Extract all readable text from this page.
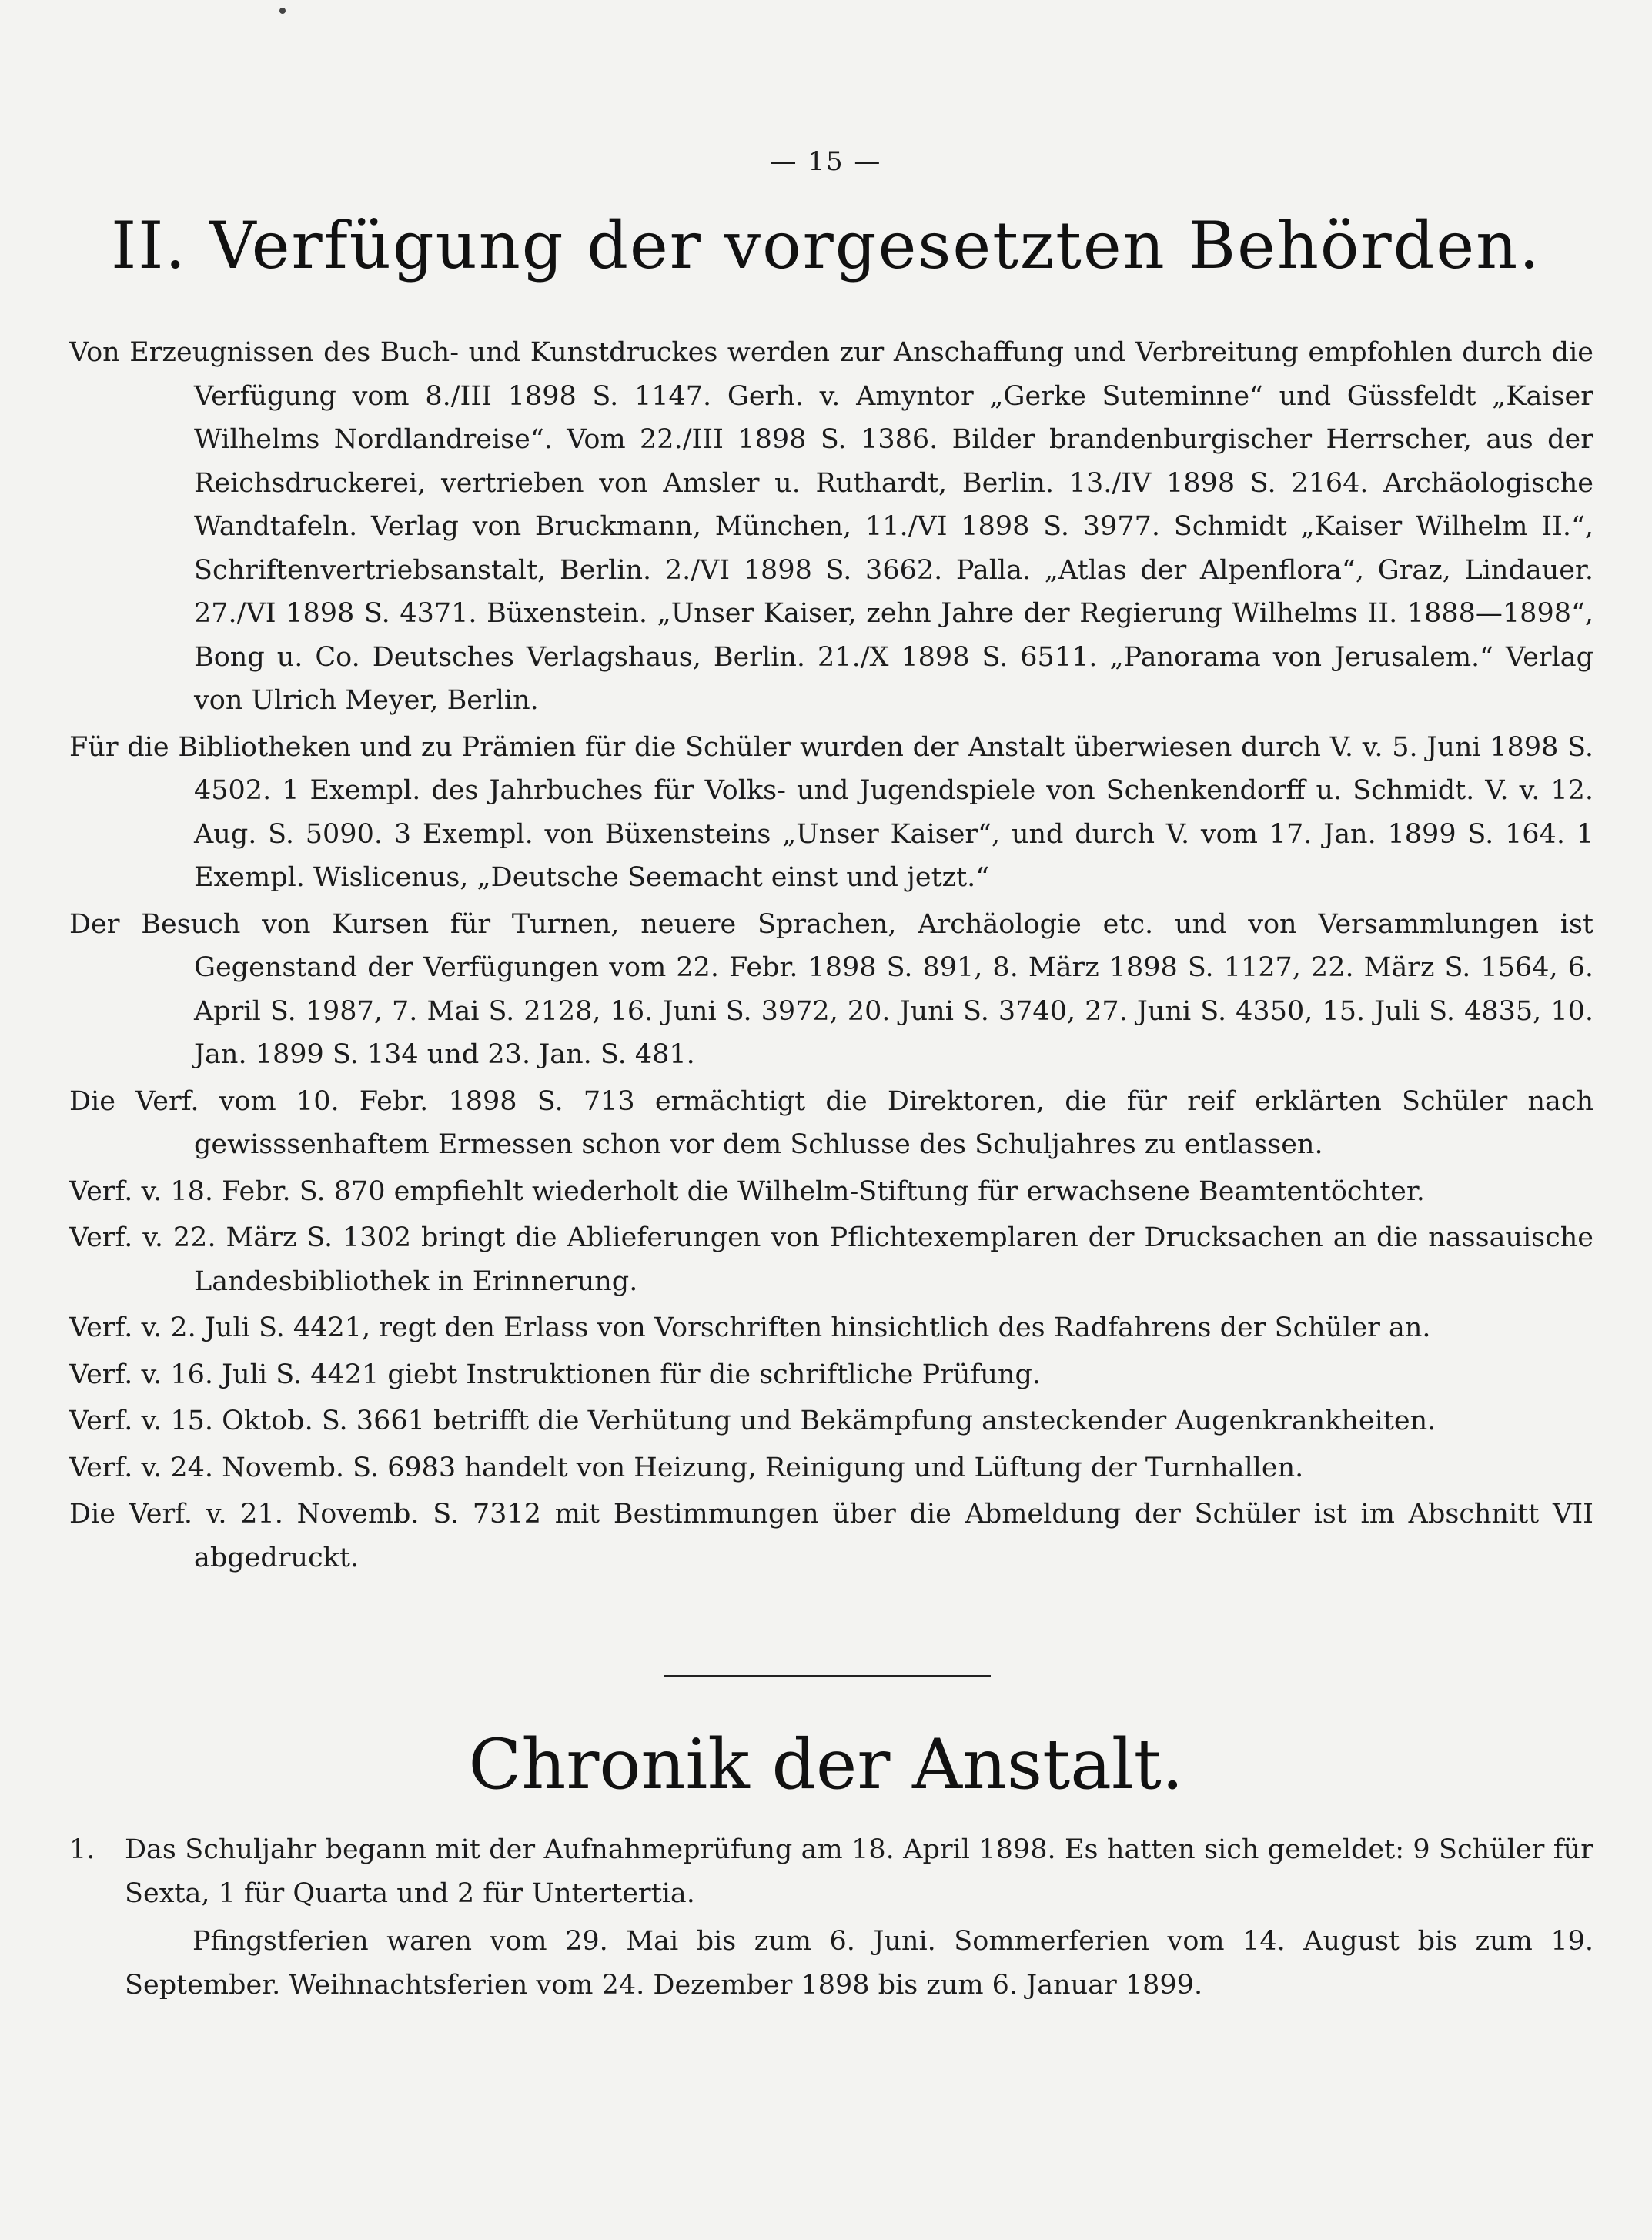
— 15 —
II. Verfügung der vorgesetzten Behörden.

Von Erzeugnissen des Buch- und Kunstdruckes werden zur Anschaffung und Verbreitung empfohlen durch die Verfügung vom 8./III 1898 S. 1147. Gerh. v. Amyntor „Gerke Suteminne“ und Güssfeldt „Kaiser Wilhelms Nordlandreise“. Vom 22./III 1898 S. 1386. Bilder brandenburgischer Herrscher, aus der Reichsdruckerei, vertrieben von Amsler u. Ruthardt, Berlin. 13./IV 1898 S. 2164. Archäologische Wandtafeln. Verlag von Bruckmann, München, 11./VI 1898 S. 3977. Schmidt „Kaiser Wilhelm II.“, Schriftenvertriebsanstalt, Berlin. 2./VI 1898 S. 3662. Palla. „Atlas der Alpenflora“, Graz, Lindauer. 27./VI 1898 S. 4371. Büxenstein. „Unser Kaiser, zehn Jahre der Regierung Wilhelms II. 1888—1898“, Bong u. Co. Deutsches Verlagshaus, Berlin. 21./X 1898 S. 6511. „Panorama von Jerusalem.“ Verlag von Ulrich Meyer, Berlin.

Für die Bibliotheken und zu Prämien für die Schüler wurden der Anstalt überwiesen durch V. v. 5. Juni 1898 S. 4502. 1 Exempl. des Jahrbuches für Volks- und Jugendspiele von Schenkendorff u. Schmidt. V. v. 12. Aug. S. 5090. 3 Exempl. von Büxensteins „Unser Kaiser“, und durch V. vom 17. Jan. 1899 S. 164. 1 Exempl. Wislicenus, „Deutsche Seemacht einst und jetzt.“

Der Besuch von Kursen für Turnen, neuere Sprachen, Archäologie etc. und von Versammlungen ist Gegenstand der Verfügungen vom 22. Febr. 1898 S. 891, 8. März 1898 S. 1127, 22. März S. 1564, 6. April S. 1987, 7. Mai S. 2128, 16. Juni S. 3972, 20. Juni S. 3740, 27. Juni S. 4350, 15. Juli S. 4835, 10. Jan. 1899 S. 134 und 23. Jan. S. 481.

Die Verf. vom 10. Febr. 1898 S. 713 ermächtigt die Direktoren, die für reif erklärten Schüler nach gewisssenhaftem Ermessen schon vor dem Schlusse des Schuljahres zu entlassen.

Verf. v. 18. Febr. S. 870 empfiehlt wiederholt die Wilhelm-Stiftung für erwachsene Beamtentöchter.

Verf. v. 22. März S. 1302 bringt die Ablieferungen von Pflichtexemplaren der Drucksachen an die nassauische Landesbibliothek in Erinnerung.

Verf. v. 2. Juli S. 4421, regt den Erlass von Vorschriften hinsichtlich des Radfahrens der Schüler an.

Verf. v. 16. Juli S. 4421 giebt Instruktionen für die schriftliche Prüfung.

Verf. v. 15. Oktob. S. 3661 betrifft die Verhütung und Bekämpfung ansteckender Augenkrankheiten.

Verf. v. 24. Novemb. S. 6983 handelt von Heizung, Reinigung und Lüftung der Turnhallen.

Die Verf. v. 21. Novemb. S. 7312 mit Bestimmungen über die Abmeldung der Schüler ist im Abschnitt VII abgedruckt.

Chronik der Anstalt.

1. Das Schuljahr begann mit der Aufnahmeprüfung am 18. April 1898. Es hatten sich gemeldet: 9 Schüler für Sexta, 1 für Quarta und 2 für Untertertia.

Pfingstferien waren vom 29. Mai bis zum 6. Juni. Sommerferien vom 14. August bis zum 19. September. Weihnachtsferien vom 24. Dezember 1898 bis zum 6. Januar 1899.
